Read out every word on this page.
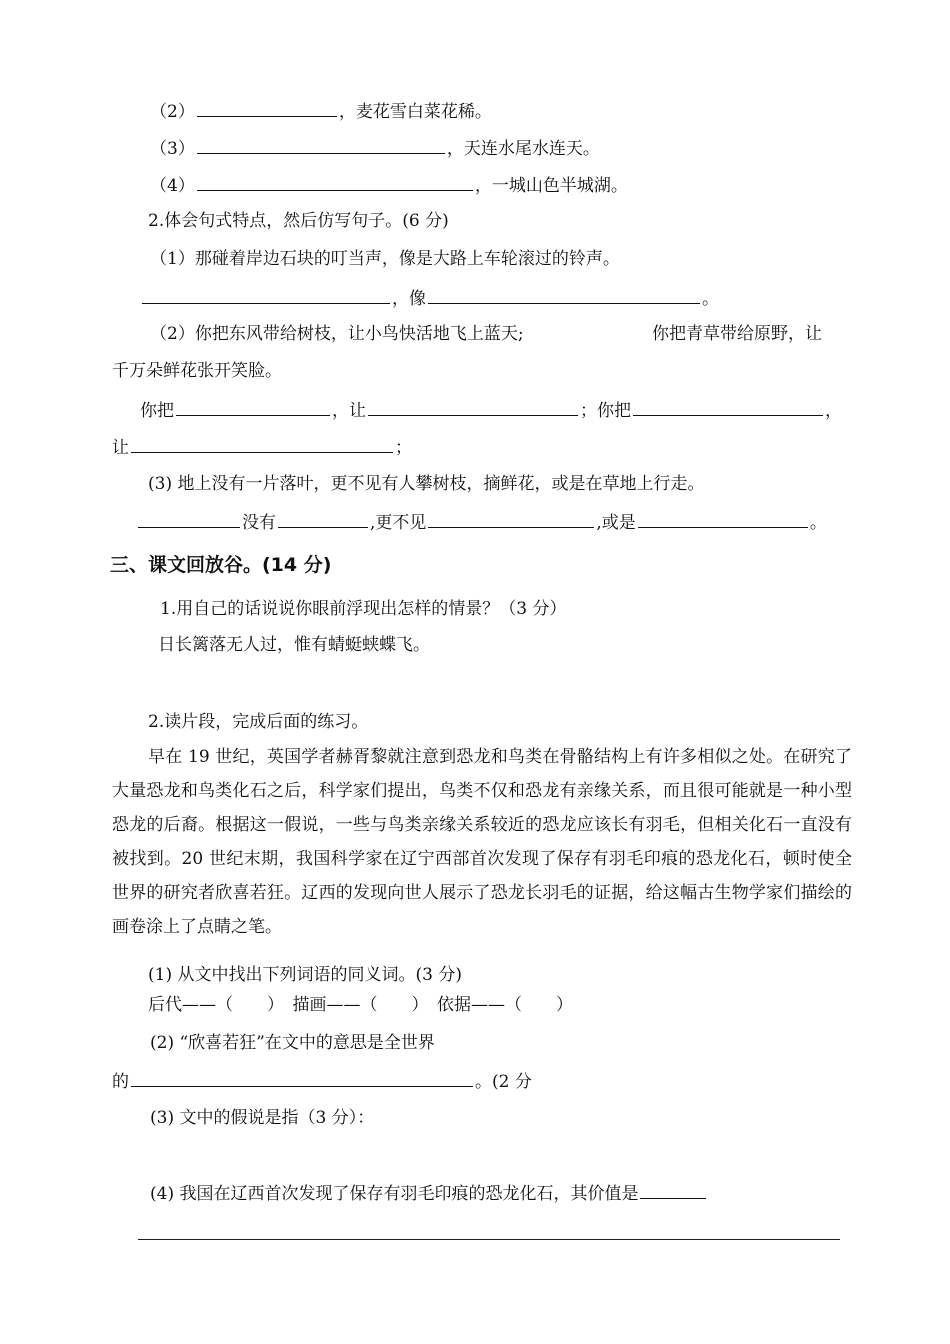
（2）	，麦花雪白菜花稀。
（3）	，天连水尾水连天。
（4）	，一城山色半城湖。
2.体会句式特点，然后仿写句子。(6 分)
（1）那碰着岸边石块的叮当声，像是大路上车轮滚过的铃声。
，像	。
（2）你把东风带给树枝，让小鸟快活地飞上蓝天;	你把青草带给原野，让
千万朵鲜花张开笑脸。
你把	，让	；你把	，
让	；
(3) 地上没有一片落叶，更不见有人攀树枝，摘鲜花，或是在草地上行走。
没有	,更不见	,或是	。
三、课文回放谷。(14 分)
1.用自己的话说说你眼前浮现出怎样的情景？（3 分）
日长篱落无人过，惟有蜻蜓蛱蝶飞。
2.读片段，完成后面的练习。
早在 19 世纪，英国学者赫胥黎就注意到恐龙和鸟类在骨骼结构上有许多相似之处。在研究了大量恐龙和鸟类化石之后，科学家们提出，鸟类不仅和恐龙有亲缘关系，而且很可能就是一种小型恐龙的后裔。根据这一假说，一些与鸟类亲缘关系较近的恐龙应该长有羽毛，但相关化石一直没有被找到。20 世纪末期，我国科学家在辽宁西部首次发现了保存有羽毛印痕的恐龙化石，顿时使全世界的研究者欣喜若狂。辽西的发现向世人展示了恐龙长羽毛的证据，给这幅古生物学家们描绘的画卷涂上了点睛之笔。
(1) 从文中找出下列词语的同义词。(3 分)
后代——（　　）　描画——（　　）　依据——（　　）
(2) “欣喜若狂”在文中的意思是全世界
的	。(2 分
(3) 文中的假说是指（3 分）：
(4) 我国在辽西首次发现了保存有羽毛印痕的恐龙化石，其价值是
